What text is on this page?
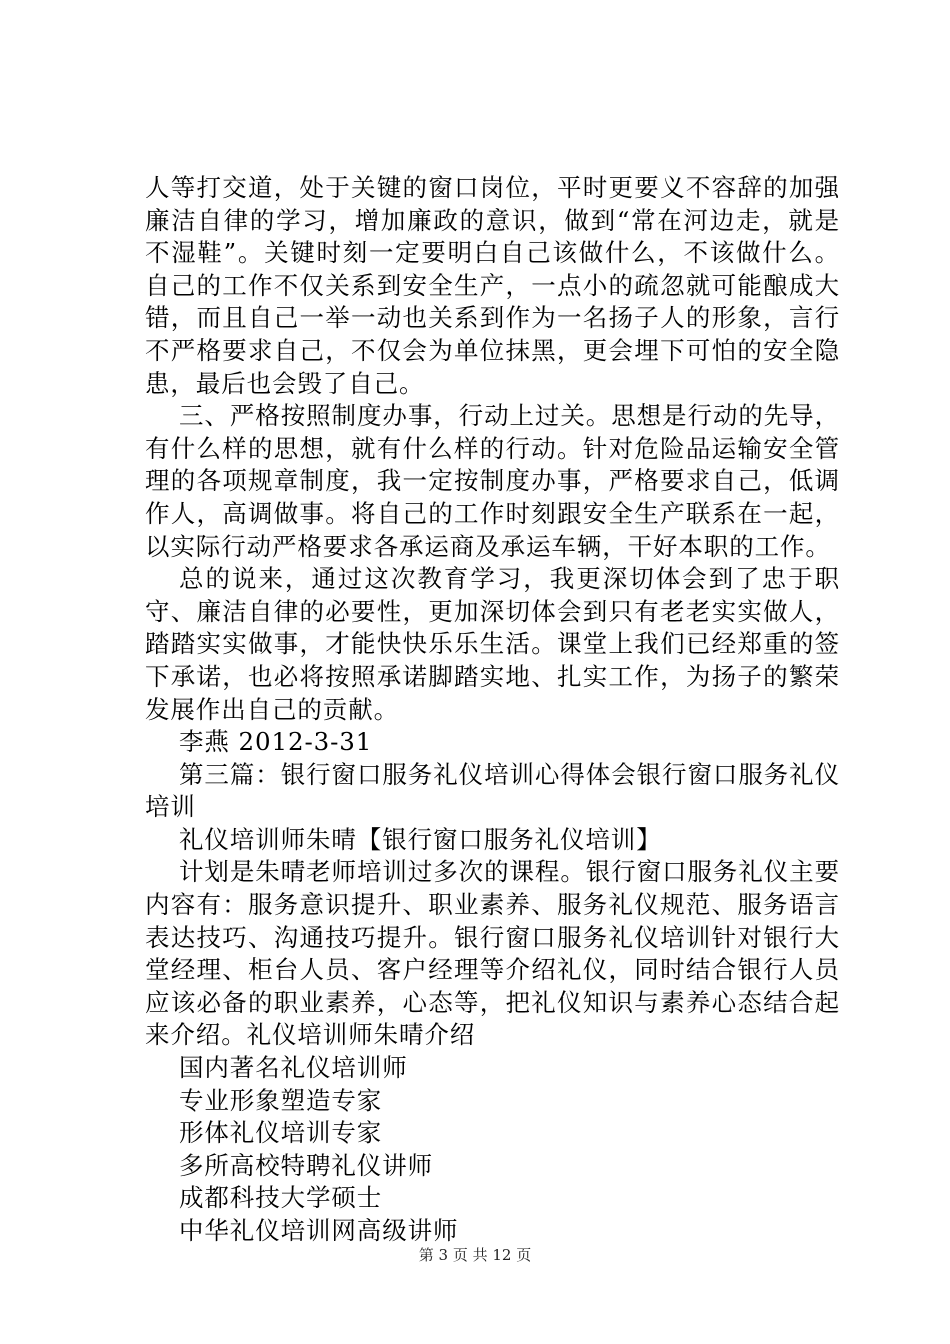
人等打交道，处于关键的窗口岗位，平时更要义不容辞的加强廉洁自律的学习，增加廉政的意识，做到“常在河边走，就是不湿鞋”。关键时刻一定要明白自己该做什么，不该做什么。自己的工作不仅关系到安全生产，一点小的疏忽就可能酿成大错，而且自己一举一动也关系到作为一名扬子人的形象，言行不严格要求自己，不仅会为单位抹黑，更会埋下可怕的安全隐患，最后也会毁了自己。

三、严格按照制度办事，行动上过关。思想是行动的先导，有什么样的思想，就有什么样的行动。针对危险品运输安全管理的各项规章制度，我一定按制度办事，严格要求自己，低调作人，高调做事。将自己的工作时刻跟安全生产联系在一起，以实际行动严格要求各承运商及承运车辆，干好本职的工作。

总的说来，通过这次教育学习，我更深切体会到了忠于职守、廉洁自律的必要性，更加深切体会到只有老老实实做人，踏踏实实做事，才能快快乐乐生活。课堂上我们已经郑重的签下承诺，也必将按照承诺脚踏实地、扎实工作，为扬子的繁荣发展作出自己的贡献。

李燕 2012-3-31

第三篇：银行窗口服务礼仪培训心得体会银行窗口服务礼仪培训

礼仪培训师朱晴【银行窗口服务礼仪培训】

计划是朱晴老师培训过多次的课程。银行窗口服务礼仪主要内容有：服务意识提升、职业素养、服务礼仪规范、服务语言表达技巧、沟通技巧提升。银行窗口服务礼仪培训针对银行大堂经理、柜台人员、客户经理等介绍礼仪，同时结合银行人员应该必备的职业素养，心态等，把礼仪知识与素养心态结合起来介绍。礼仪培训师朱晴介绍

国内著名礼仪培训师

专业形象塑造专家

形体礼仪培训专家

多所高校特聘礼仪讲师

成都科技大学硕士

中华礼仪培训网高级讲师

第 3 页 共 12 页
